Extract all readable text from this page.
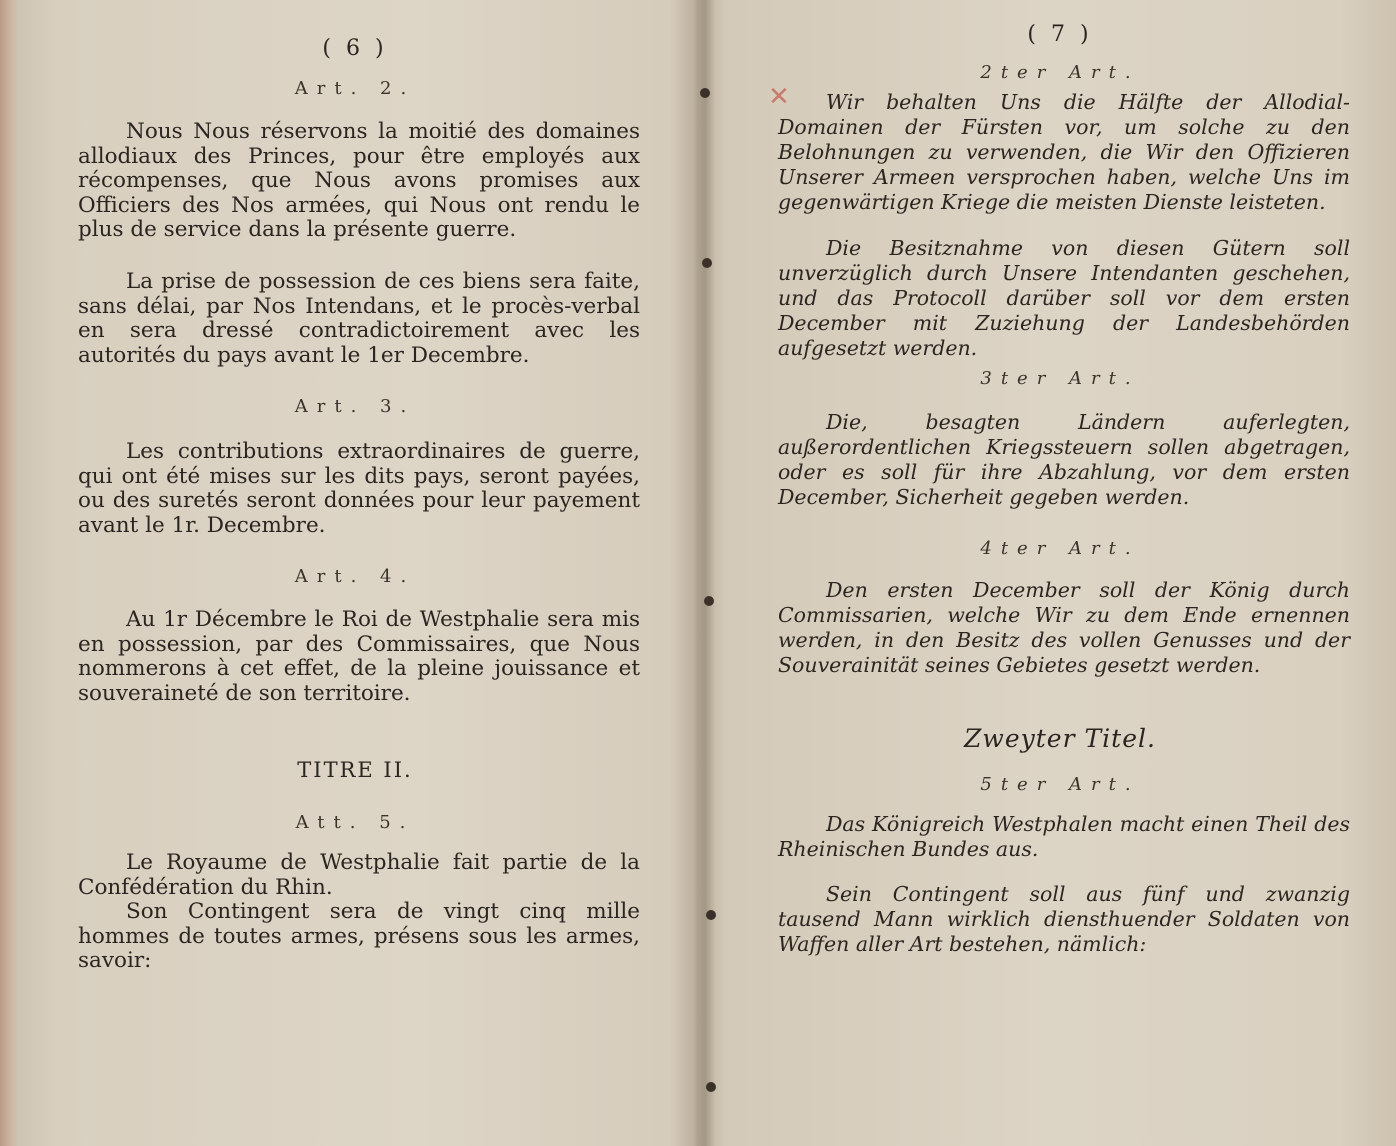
✕
( 6 )
Art. 2.
Nous Nous réservons la moitié des domaines allodiaux des Princes, pour être employés aux récompenses, que Nous avons promises aux Officiers des Nos armées, qui Nous ont rendu le plus de service dans la présente guerre.
La prise de possession de ces biens sera faite, sans délai, par Nos Intendans, et le procès-verbal en sera dressé contradictoirement avec les autorités du pays avant le 1er Decembre.
Art. 3.
Les contributions extraordinaires de guerre, qui ont été mises sur les dits pays, seront payées, ou des suretés seront données pour leur payement avant le 1r. Decembre.
Art. 4.
Au 1r Décembre le Roi de Westphalie sera mis en possession, par des Commissaires, que Nous nommerons à cet effet, de la pleine jouissance et souveraineté de son territoire.
TITRE II.
Att. 5.
Le Royaume de Westphalie fait partie de la Confédération du Rhin.
Son Contingent sera de vingt cinq mille hommes de toutes armes, présens sous les armes, savoir:
( 7 )
2ter Art.
Wir behalten Uns die Hälfte der Allodial-Domainen der Fürsten vor, um solche zu den Belohnungen zu verwenden, die Wir den Offizieren Unserer Armeen versprochen haben, welche Uns im gegenwärtigen Kriege die meisten Dienste leisteten.
Die Besitznahme von diesen Gütern soll unverzüglich durch Unsere Intendanten geschehen, und das Protocoll darüber soll vor dem ersten December mit Zuziehung der Landesbehörden aufgesetzt werden.
3ter Art.
Die, besagten Ländern auferlegten, außerordentlichen Kriegssteuern sollen abgetragen, oder es soll für ihre Abzahlung, vor dem ersten December, Sicherheit gegeben werden.
4ter Art.
Den ersten December soll der König durch Commissarien, welche Wir zu dem Ende ernennen werden, in den Besitz des vollen Genusses und der Souverainität seines Gebietes gesetzt werden.
Zweyter Titel.
5ter Art.
Das Königreich Westphalen macht einen Theil des Rheinischen Bundes aus.
Sein Contingent soll aus fünf und zwanzig tausend Mann wirklich diensthuender Soldaten von Waffen aller Art bestehen, nämlich:
